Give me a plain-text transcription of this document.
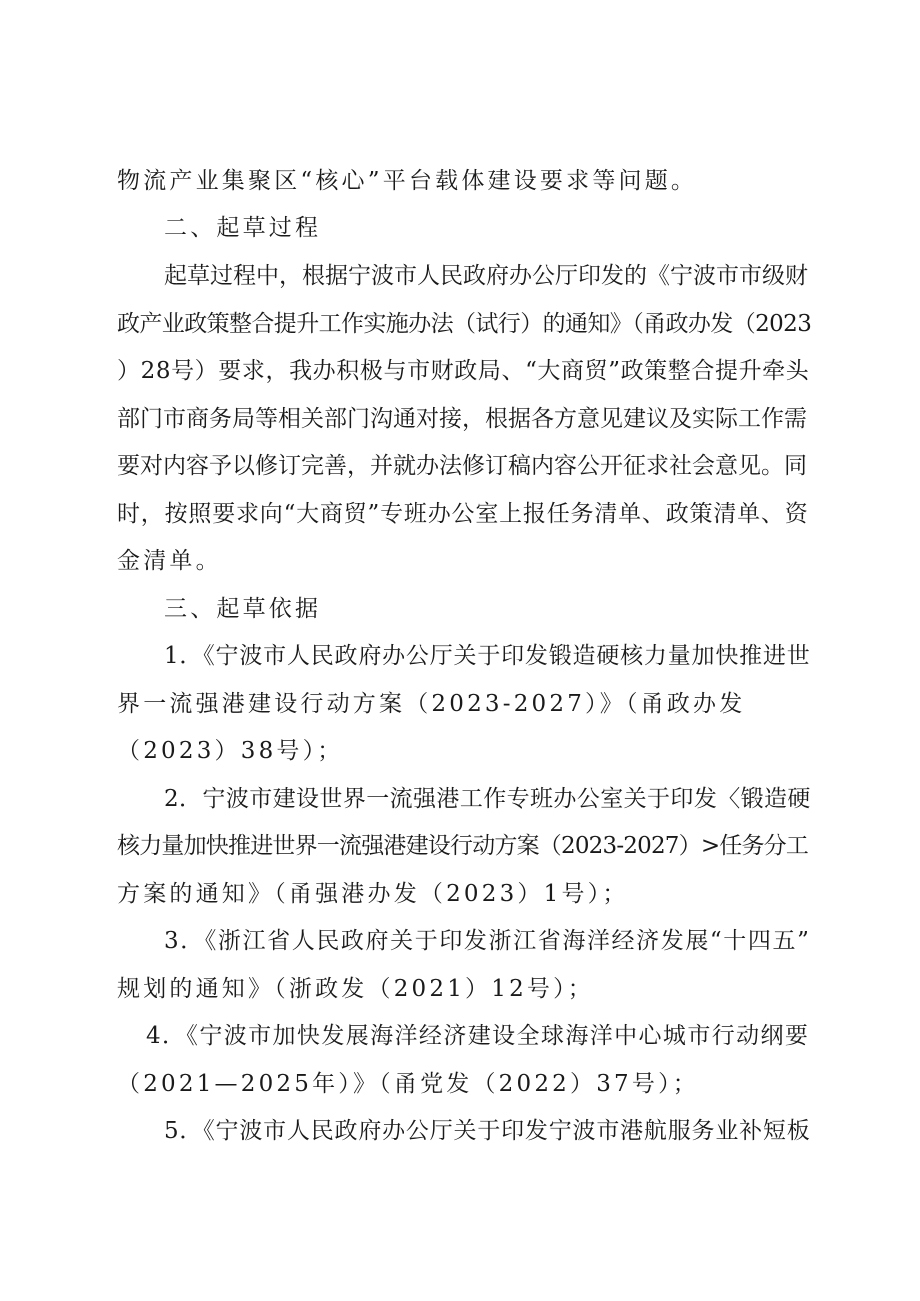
物流产业集聚区“核心”平台载体建设要求等问题。
二、起草过程
起草过程中，根据宁波市人民政府办公厅印发的《宁波市市级财
政产业政策整合提升工作实施办法（试行）的通知》（甬政办发（2023
）28号）要求，我办积极与市财政局、“大商贸”政策整合提升牵头
部门市商务局等相关部门沟通对接，根据各方意见建议及实际工作需
要对内容予以修订完善，并就办法修订稿内容公开征求社会意见。同
时，按照要求向“大商贸”专班办公室上报任务清单、政策清单、资
金清单。
三、起草依据
1．《宁波市人民政府办公厅关于印发锻造硬核力量加快推进世
界一流强港建设行动方案（2023-2027）》（甬政办发
（2023）38号）；
2．宁波市建设世界一流强港工作专班办公室关于印发〈锻造硬
核力量加快推进世界一流强港建设行动方案（2023-2027）>任务分工
方案的通知》（甬强港办发（2023）1号）；
3．《浙江省人民政府关于印发浙江省海洋经济发展“十四五”
规划的通知》（浙政发（2021）12号）；
4．《宁波市加快发展海洋经济建设全球海洋中心城市行动纲要
（2021—2025年）》（甬党发（2022）37号）；
5．《宁波市人民政府办公厅关于印发宁波市港航服务业补短板
